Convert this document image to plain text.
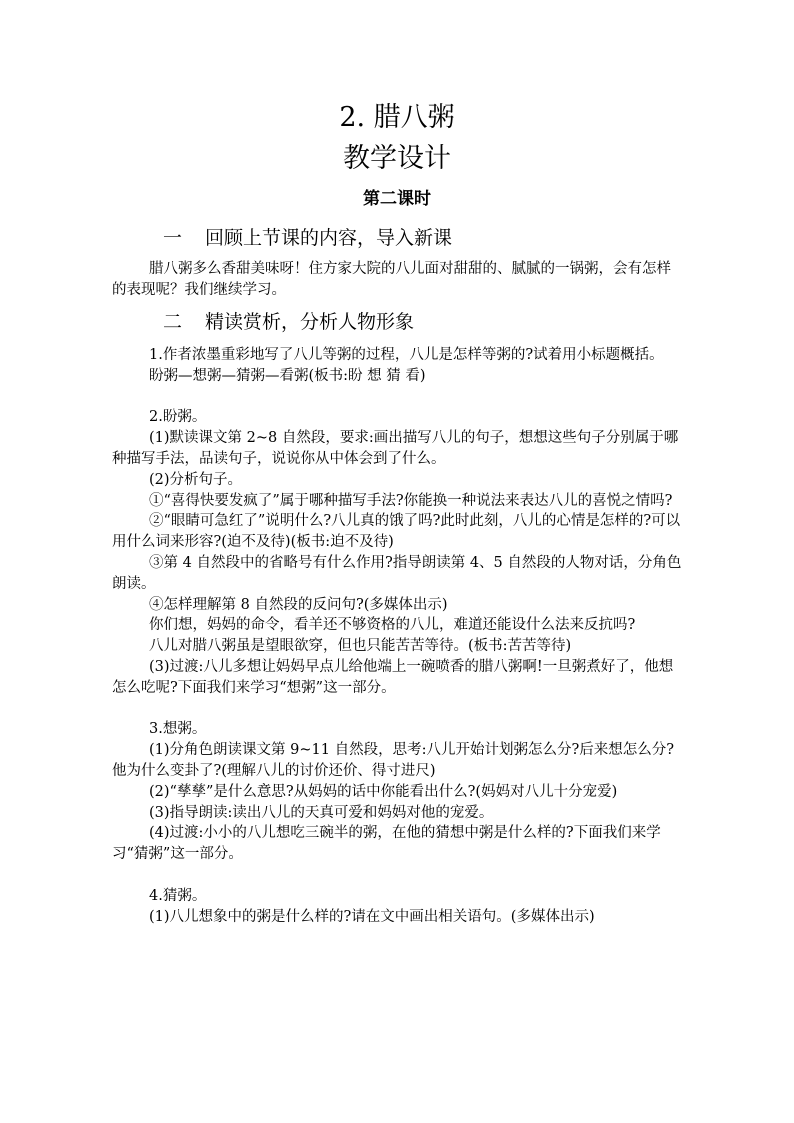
2. 腊八粥
教学设计
第二课时
一 回顾上节课的内容，导入新课

腊八粥多么香甜美味呀！住方家大院的八儿面对甜甜的、腻腻的一锅粥，会有怎样的表现呢？我们继续学习。

二 精读赏析，分析人物形象

1.作者浓墨重彩地写了八儿等粥的过程，八儿是怎样等粥的?试着用小标题概括。

盼粥—想粥—猜粥—看粥(板书:盼 想 猜 看)

2.盼粥。

(1)默读课文第 2~8 自然段，要求:画出描写八儿的句子，想想这些句子分别属于哪种描写手法，品读句子，说说你从中体会到了什么。

(2)分析句子。

①“喜得快要发疯了”属于哪种描写手法?你能换一种说法来表达八儿的喜悦之情吗?

②“眼睛可急红了”说明什么?八儿真的饿了吗?此时此刻，八儿的心情是怎样的?可以用什么词来形容?(迫不及待)(板书:迫不及待)

③第 4 自然段中的省略号有什么作用?指导朗读第 4、5 自然段的人物对话，分角色朗读。

④怎样理解第 8 自然段的反问句?(多媒体出示)

你们想，妈妈的命令，看羊还不够资格的八儿，难道还能设什么法来反抗吗?

八儿对腊八粥虽是望眼欲穿，但也只能苦苦等待。(板书:苦苦等待)

(3)过渡:八儿多想让妈妈早点儿给他端上一碗喷香的腊八粥啊!一旦粥煮好了，他想怎么吃呢?下面我们来学习“想粥”这一部分。

3.想粥。

(1)分角色朗读课文第 9~11 自然段，思考:八儿开始计划粥怎么分?后来想怎么分?他为什么变卦了?(理解八儿的讨价还价、得寸进尺)

(2)“孳孳”是什么意思?从妈妈的话中你能看出什么?(妈妈对八儿十分宠爱)

(3)指导朗读:读出八儿的天真可爱和妈妈对他的宠爱。

(4)过渡:小小的八儿想吃三碗半的粥，在他的猜想中粥是什么样的?下面我们来学习“猜粥”这一部分。

4.猜粥。

(1)八儿想象中的粥是什么样的?请在文中画出相关语句。(多媒体出示)
